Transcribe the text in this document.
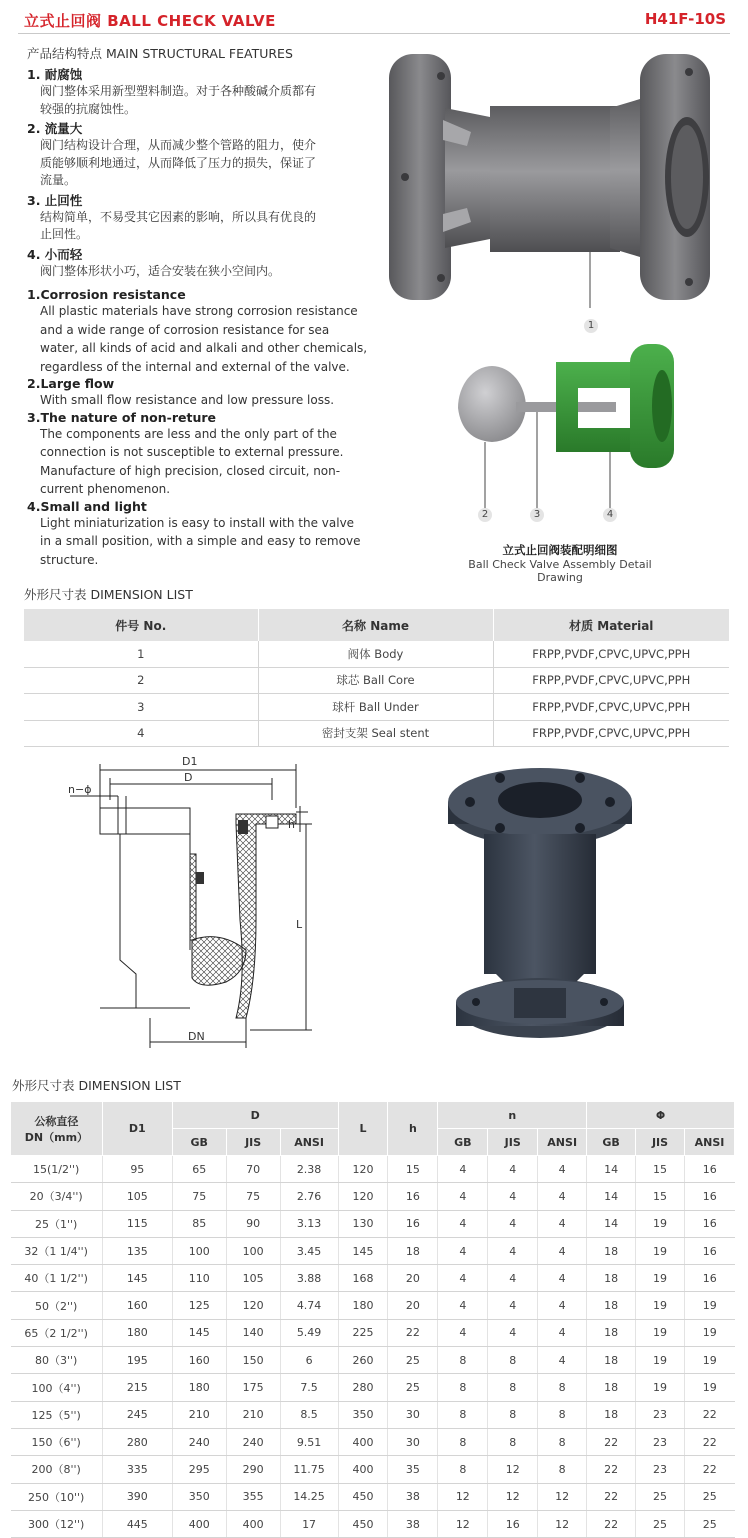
立式止回阀 BALL CHECK VALVE	H41F-10S
产品结构特点 MAIN STRUCTURAL FEATURES
1. 耐腐蚀
阀门整体采用新型塑料制造。对于各种酸碱介质都有
较强的抗腐蚀性。
2. 流量大
阀门结构设计合理，从而减少整个管路的阻力，使介
质能够顺利地通过，从而降低了压力的损失，保证了
流量。
3. 止回性
结构简单，不易受其它因素的影响，所以具有优良的
止回性。
4. 小而轻
阀门整体形状小巧，适合安装在狭小空间内。
1.Corrosion resistance
All plastic materials have strong corrosion resistance
and a wide range of corrosion resistance for sea
water, all kinds of acid and alkali and other chemicals,
regardless of the internal and external of the valve.
2.Large flow
With small flow resistance and low pressure loss.
3.The nature of non-reture
The components are less and the only part of the
connection is not susceptible to external pressure.
Manufacture of high precision, closed circuit, non-
current phenomenon.
4.Small and light
Light miniaturization is easy to install with the valve
in a small position, with a simple and easy to remove
structure.
1
2	3	4
立式止回阀装配明细图
Ball Check Valve Assembly Detail Drawing
外形尺寸表 DIMENSION LIST
件号 No.	名称 Name	材质 Material
1	阀体 Body	FRPP,PVDF,CPVC,UPVC,PPH
2	球芯 Ball Core	FRPP,PVDF,CPVC,UPVC,PPH
3	球杆 Ball Under	FRPP,PVDF,CPVC,UPVC,PPH
4	密封支架 Seal stent	FRPP,PVDF,CPVC,UPVC,PPH
D1
D
n−ϕ
h
L
DN
外形尺寸表 DIMENSION LIST
公称直径
DN（mm）	D1	D			L	h	n			Φ		
		GB	JIS	ANSI			GB	JIS	ANSI	GB	JIS	ANSI
15(1/2'')	95	65	70	2.38	120	15	4	4	4	14	15	16
20（3/4'')	105	75	75	2.76	120	16	4	4	4	14	15	16
25（1'')	115	85	90	3.13	130	16	4	4	4	14	19	16
32（1 1/4'')	135	100	100	3.45	145	18	4	4	4	18	19	16
40（1 1/2'')	145	110	105	3.88	168	20	4	4	4	18	19	16
50（2'')	160	125	120	4.74	180	20	4	4	4	18	19	19
65（2 1/2'')	180	145	140	5.49	225	22	4	4	4	18	19	19
80（3'')	195	160	150	6	260	25	8	8	4	18	19	19
100（4'')	215	180	175	7.5	280	25	8	8	8	18	19	19
125（5'')	245	210	210	8.5	350	30	8	8	8	18	23	22
150（6'')	280	240	240	9.51	400	30	8	8	8	22	23	22
200（8'')	335	295	290	11.75	400	35	8	12	8	22	23	22
250（10'')	390	350	355	14.25	450	38	12	12	12	22	25	25
300（12'')	445	400	400	17	450	38	12	16	12	22	25	25
